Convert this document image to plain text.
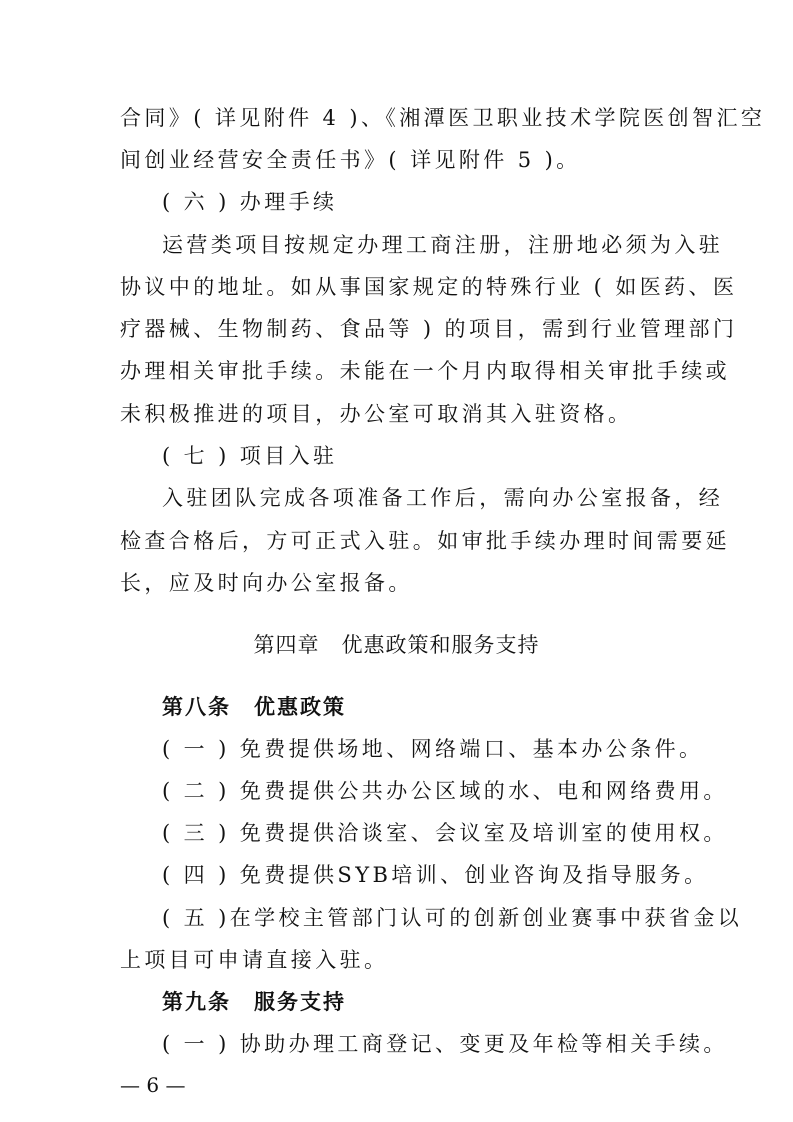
合同》( 详见附件 4 )、《湘潭医卫职业技术学院医创智汇空
间创业经营安全责任书》( 详见附件 5 )。
( 六 ) 办理手续
运营类项目按规定办理工商注册，注册地必须为入驻
协议中的地址。如从事国家规定的特殊行业 ( 如医药、医
疗器械、生物制药、食品等 ) 的项目，需到行业管理部门
办理相关审批手续。未能在一个月内取得相关审批手续或
未积极推进的项目，办公室可取消其入驻资格。
( 七 ) 项目入驻
入驻团队完成各项准备工作后，需向办公室报备，经
检查合格后，方可正式入驻。如审批手续办理时间需要延
长，应及时向办公室报备。
第四章　优惠政策和服务支持
第八条　优惠政策
( 一 ) 免费提供场地、网络端口、基本办公条件。
( 二 ) 免费提供公共办公区域的水、电和网络费用。
( 三 ) 免费提供洽谈室、会议室及培训室的使用权。
( 四 ) 免费提供SYB培训、创业咨询及指导服务。
( 五 )在学校主管部门认可的创新创业赛事中获省金以
上项目可申请直接入驻。
第九条　服务支持
( 一 ) 协助办理工商登记、变更及年检等相关手续。
— 6 —
